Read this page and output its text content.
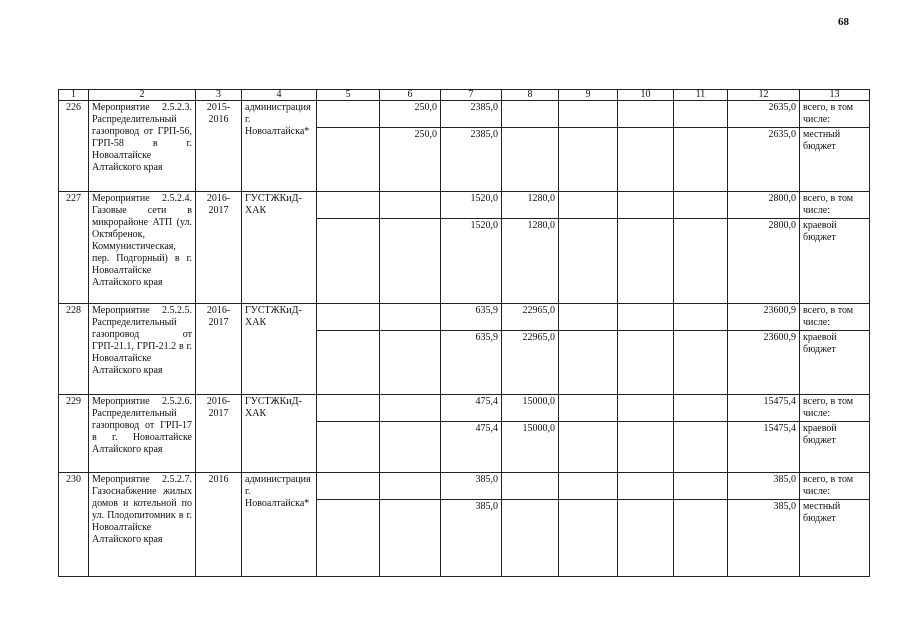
68
1	2	3	4	5	6	7	8	9	10	11	12	13
226	Мероприятие 2.5.2.3. Распределительный газопровод от ГРП-56, ГРП-58 в г. Новоалтайске Алтайского края	2015-2016	администрация г. Новоалтайска*		250,0	2385,0					2635,0	всего, в том числе:
					250,0	2385,0					2635,0	местный бюджет
227	Мероприятие 2.5.2.4. Газовые сети в микрорайоне АТП (ул. Октябренок, Коммунистическая, пер. Подгорный) в г. Новоалтайске Алтайского края	2016-2017	ГУСТЖКиД-ХАК			1520,0	1280,0				2800,0	всего, в том числе:
						1520,0	1280,0				2800,0	краевой бюджет
228	Мероприятие 2.5.2.5. Распределительный газопровод от ГРП-21.1, ГРП-21.2 в г. Новоалтайске Алтайского края	2016-2017	ГУСТЖКиД-ХАК			635,9	22965,0				23600,9	всего, в том числе:
						635,9	22965,0				23600,9	краевой бюджет
229	Мероприятие 2.5.2.6. Распределительный газопровод от ГРП-17 в г. Новоалтайске Алтайского края	2016-2017	ГУСТЖКиД-ХАК			475,4	15000,0				15475,4	всего, в том числе:
						475,4	15000,0				15475,4	краевой бюджет
230	Мероприятие 2.5.2.7. Газоснабжение жилых домов и котельной по ул. Плодопитомник в г. Новоалтайске Алтайского края	2016	администрация г. Новоалтайска*			385,0					385,0	всего, в том числе:
						385,0					385,0	местный бюджет
